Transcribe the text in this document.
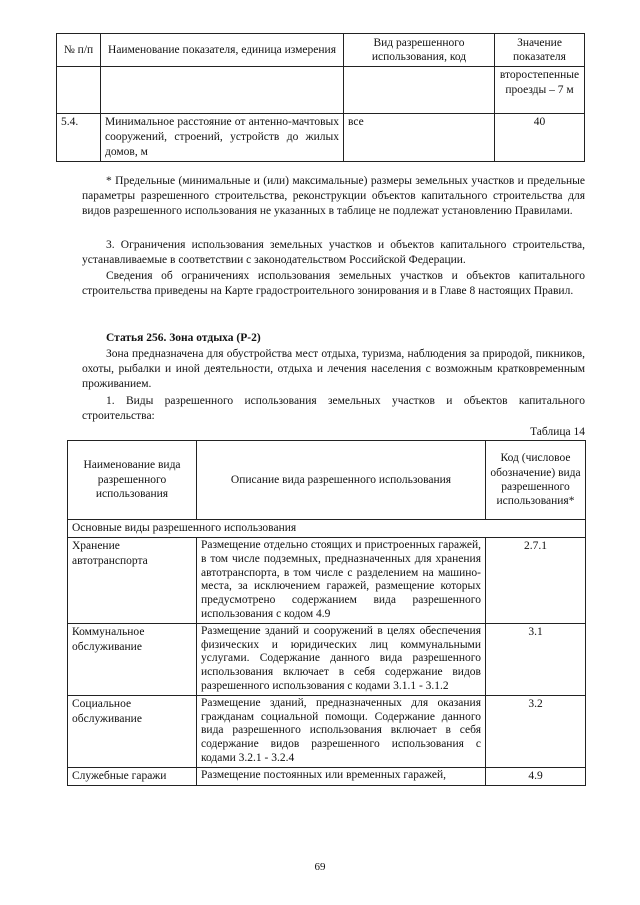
№ п/п	Наименование показателя, единица измерения	Вид разрешенного использования, код	Значение показателя
			второстепенные проезды – 7 м
5.4.	Минимальное расстояние от антенно-мачтовых сооружений, строений, устройств до жилых домов, м	все	40

* Предельные (минимальные и (или) максимальные) размеры земельных участков и предельные параметры разрешенного строительства, реконструкции объектов капитального строительства для видов разрешенного использования не указанных в таблице не подлежат установлению Правилами.

3. Ограничения использования земельных участков и объектов капитального строительства, устанавливаемые в соответствии с законодательством Российской Федерации.

Сведения об ограничениях использования земельных участков и объектов капитального строительства приведены на Карте градостроительного зонирования и в Главе 8 настоящих Правил.

Статья 256. Зона отдыха (Р-2)

Зона предназначена для обустройства мест отдыха, туризма, наблюдения за природой, пикников, охоты, рыбалки и иной деятельности, отдыха и лечения населения с возможным кратковременным проживанием.

1. Виды разрешенного использования земельных участков и объектов капитального строительства:

Таблица 14
Наименование вида разрешенного использования	Описание вида разрешенного использования	Код (числовое обозначение) вида разрешенного использования*
Основные виды разрешенного использования		
Хранение автотранспорта	Размещение отдельно стоящих и пристроенных гаражей, в том числе подземных, предназначенных для хранения автотранспорта, в том числе с разделением на машино-места, за исключением гаражей, размещение которых предусмотрено содержанием вида разрешенного использования с кодом 4.9	2.7.1
Коммунальное обслуживание	Размещение зданий и сооружений в целях обеспечения физических и юридических лиц коммунальными услугами. Содержание данного вида разрешенного использования включает в себя содержание видов разрешенного использования с кодами 3.1.1 - 3.1.2	3.1
Социальное обслуживание	Размещение зданий, предназначенных для оказания гражданам социальной помощи. Содержание данного вида разрешенного использования включает в себя содержание видов разрешенного использования с кодами 3.2.1 - 3.2.4	3.2
Служебные гаражи	Размещение постоянных или временных гаражей,	4.9
69
